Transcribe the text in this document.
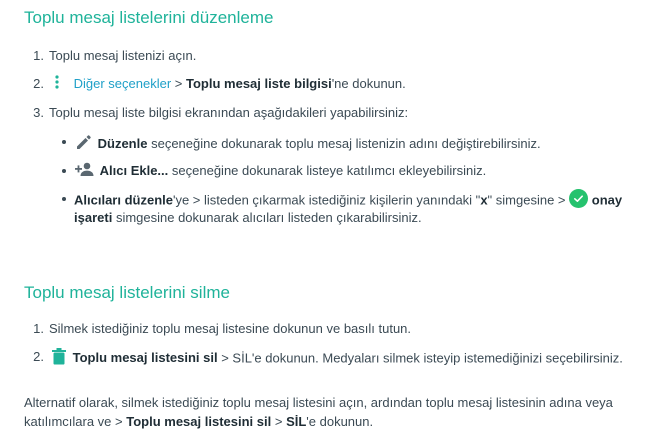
Toplu mesaj listelerini düzenleme
1. Toplu mesaj listenizi açın.
2. Diğer seçenekler > Toplu mesaj liste bilgisi'ne dokunun.
3. Toplu mesaj liste bilgisi ekranından aşağıdakileri yapabilirsiniz:
Düzenle seçeneğine dokunarak toplu mesaj listenizin adını değiştirebilirsiniz.
Alıcı Ekle... seçeneğine dokunarak listeye katılımcı ekleyebilirsiniz.
Alıcıları düzenle'ye > listeden çıkarmak istediğiniz kişilerin yanındaki "x" simgesine > onay
işareti simgesine dokunarak alıcıları listeden çıkarabilirsiniz.
Toplu mesaj listelerini silme
1. Silmek istediğiniz toplu mesaj listesine dokunun ve basılı tutun.
2. Toplu mesaj listesini sil > SİL'e dokunun. Medyaları silmek isteyip istemediğinizi seçebilirsiniz.
Alternatif olarak, silmek istediğiniz toplu mesaj listesini açın, ardından toplu mesaj listesinin adına veya
katılımcılara ve > Toplu mesaj listesini sil > SİL'e dokunun.
